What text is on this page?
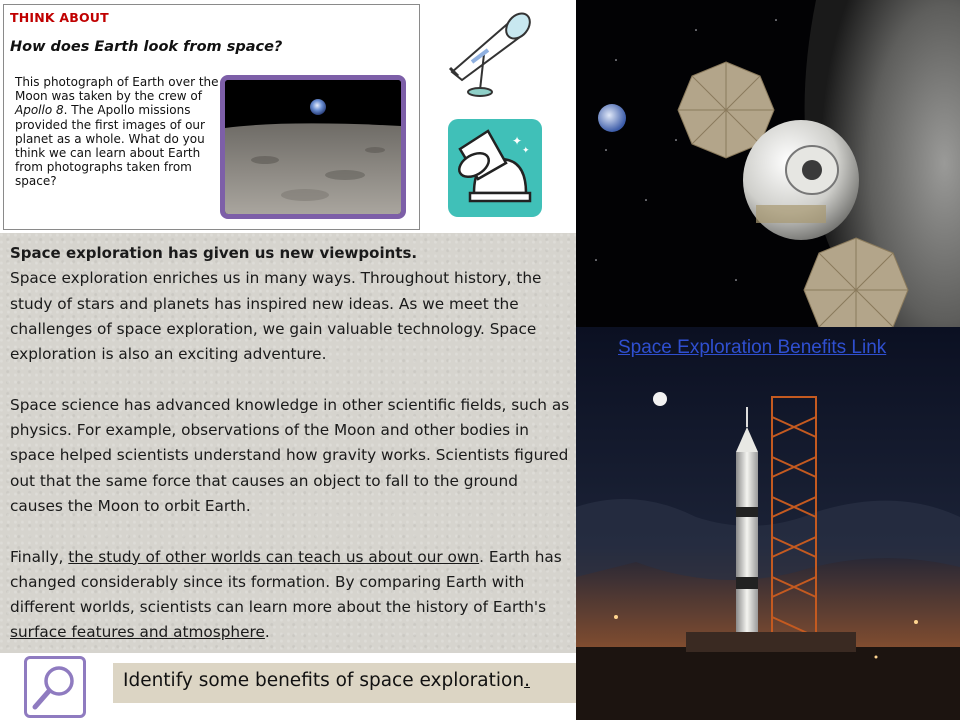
THINK ABOUT
How does Earth look from space?
This photograph of Earth over the Moon was taken by the crew of Apollo 8. The Apollo missions provided the first images of our planet as a whole. What do you think we can learn about Earth from photographs taken from space?
✦
✦

Space exploration has given us new viewpoints.

Space exploration enriches us in many ways. Throughout history, the study of stars and planets has inspired new ideas. As we meet the challenges of space exploration, we gain valuable technology. Space exploration is also an exciting adventure.

Space science has advanced knowledge in other scientific fields, such as physics. For example, observations of the Moon and other bodies in space helped scientists understand how gravity works. Scientists figured out that the same force that causes an object to fall to the ground causes the Moon to orbit Earth.

Finally, the study of other worlds can teach us about our own. Earth has changed considerably since its formation. By comparing Earth with different worlds, scientists can learn more about the history of Earth's surface features and atmosphere.

Identify some benefits of space exploration.
Space Exploration Benefits Link
